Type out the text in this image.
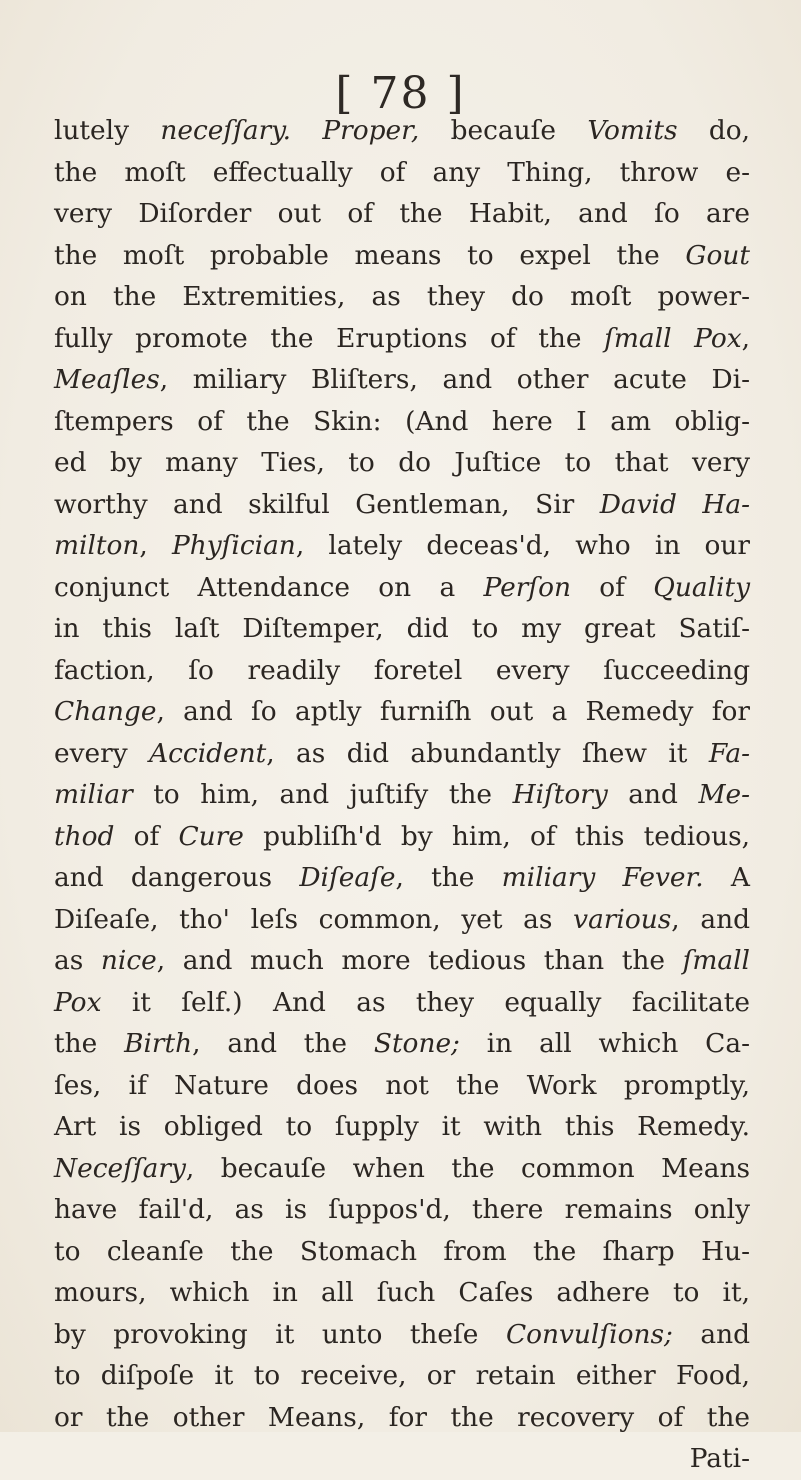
[ 78 ]
lutely neceſſary. Proper, becauſe Vomits do,
the moſt effectually of any Thing, throw e-
very Diſorder out of the Habit, and ſo are
the moſt probable means to expel the Gout
on the Extremities, as they do moſt power-
fully promote the Eruptions of the ſmall Pox,
Meaſles, miliary Bliſters, and other acute Di-
ſtempers of the Skin: (And here I am oblig-
ed by many Ties, to do Juſtice to that very
worthy and skilful Gentleman, Sir David Ha-
milton, Phyſician, lately deceas'd, who in our
conjunct Attendance on a Perſon of Quality
in this laſt Diſtemper, did to my great Satiſ-
faction, ſo readily foretel every ſucceeding
Change, and ſo aptly furniſh out a Remedy for
every Accident, as did abundantly ſhew it Fa-
miliar to him, and juſtify the Hiſtory and Me-
thod of Cure publiſh'd by him, of this tedious,
and dangerous Diſeaſe, the miliary Fever. A
Diſeaſe, tho' leſs common, yet as various, and
as nice, and much more tedious than the ſmall
Pox it ſelf.) And as they equally facilitate
the Birth, and the Stone; in all which Ca-
ſes, if Nature does not the Work promptly,
Art is obliged to ſupply it with this Remedy.
Neceſſary, becauſe when the common Means
have fail'd, as is ſuppos'd, there remains only
to cleanſe the Stomach from the ſharp Hu-
mours, which in all ſuch Caſes adhere to it,
by provoking it unto theſe Convulſions; and
to diſpoſe it to receive, or retain either Food,
or the other Means, for the recovery of the
Pati-
